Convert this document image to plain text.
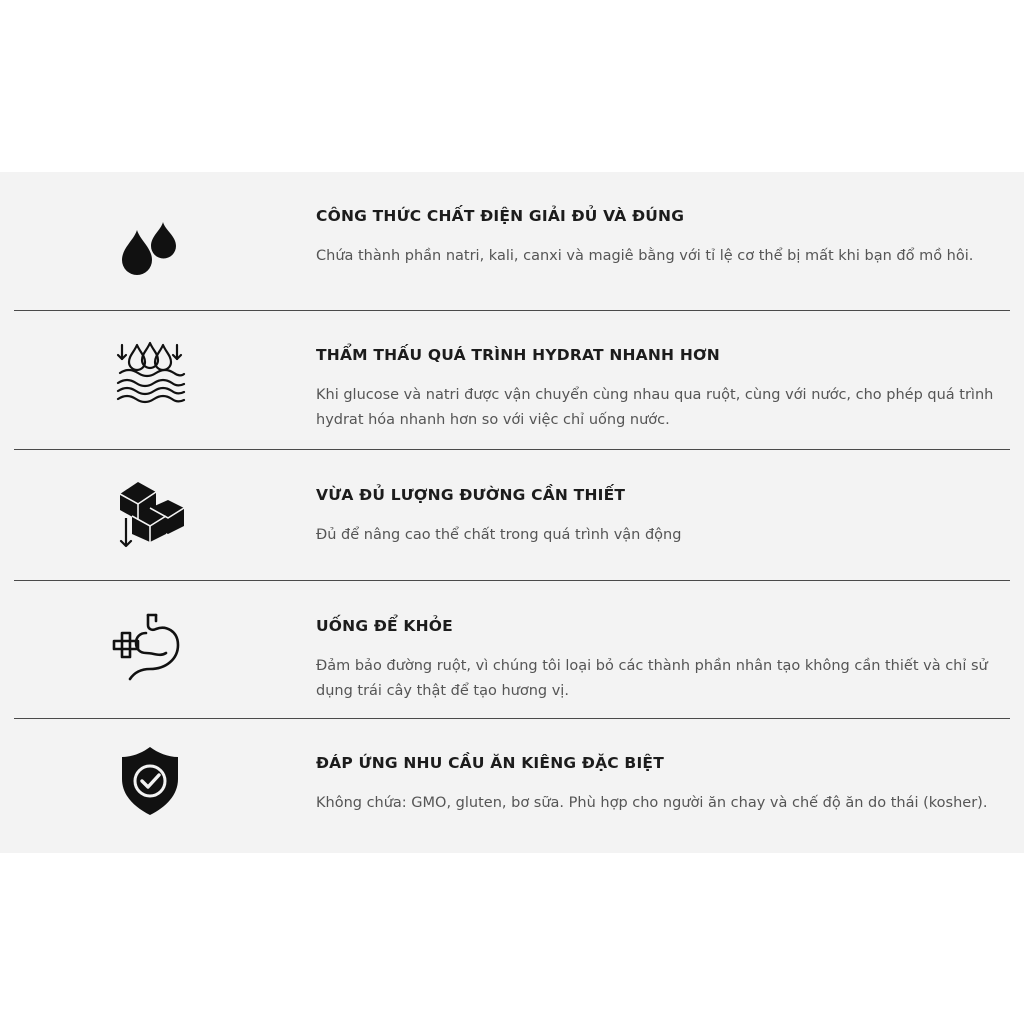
CÔNG THỨC CHẤT ĐIỆN GIẢI ĐỦ VÀ ĐÚNG
Chứa thành phần natri, kali, canxi và magiê bằng với tỉ lệ cơ thể bị mất khi bạn đổ mồ hôi.
THẨM THẤU QUÁ TRÌNH HYDRAT NHANH HƠN
Khi glucose và natri được vận chuyển cùng nhau qua ruột, cùng với nước, cho phép quá trình hydrat hóa nhanh hơn so với việc chỉ uống nước.
VỪA ĐỦ LƯỢNG ĐƯỜNG CẦN THIẾT
Đủ để nâng cao thể chất trong quá trình vận động
UỐNG ĐỂ KHỎE
Đảm bảo đường ruột, vì chúng tôi loại bỏ các thành phần nhân tạo không cần thiết và chỉ sử dụng trái cây thật để tạo hương vị.
ĐÁP ỨNG NHU CẦU ĂN KIÊNG ĐẶC BIỆT
Không chứa: GMO, gluten, bơ sữa. Phù hợp cho người ăn chay và chế độ ăn do thái (kosher).
